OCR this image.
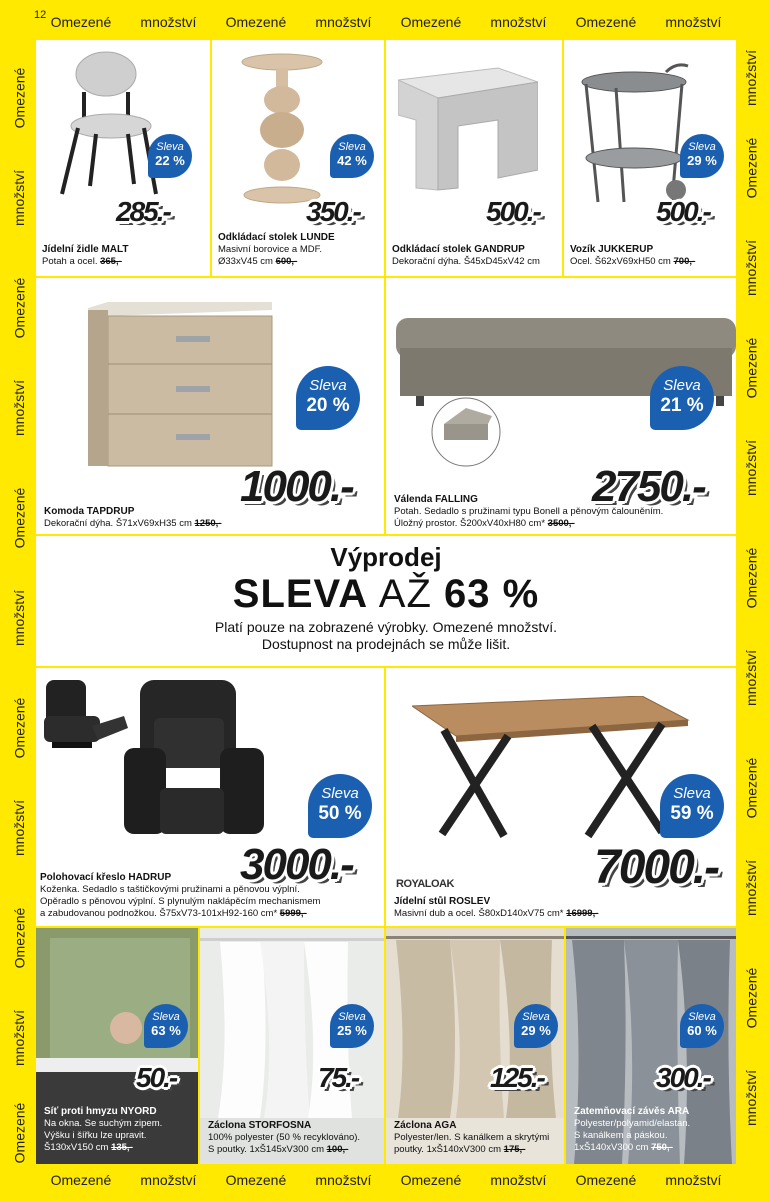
12 Omezené množství Omezené množství Omezené množství Omezené množství
Omezené množství Omezené množství Omezené množství Omezené množství
Omezené
množství
Omezené
množství
Omezené
množství
Omezené
množství
Omezené
množství
Omezené
množství
Omezené
množství
Omezené
množství
Omezené
množství
Omezené
množství
Omezené
množství
Sleva
22 %
285.-
Jídelní židle MALT
Potah a ocel. 365,-
Sleva
42 %
350.-
Odkládací stolek LUNDE
Masivní borovice a MDF.
Ø33xV45 cm 600,-
500.-
Odkládací stolek GANDRUP
Dekorační dýha. Š45xD45xV42 cm
Sleva
29 %
500.-
Vozík JUKKERUP
Ocel. Š62xV69xH50 cm 700,-
Sleva
20 %
1000.-
Komoda TAPDRUP
Dekorační dýha. Š71xV69xH35 cm 1250,-
Sleva
21 %
2750.-
Válenda FALLING
Potah. Sedadlo s pružinami typu Bonell a pěnovým čalouněním.
Úložný prostor. Š200xV40xH80 cm* 3500,-
Výprodej
SLEVA AŽ 63 %
Platí pouze na zobrazené výrobky. Omezené množství.
Dostupnost na prodejnách se může lišit.
Sleva
50 %
3000.-
Polohovací křeslo HADRUP
Koženka. Sedadlo s taštičkovými pružinami a pěnovou výplní.
Opěradlo s pěnovou výplní. S plynulým naklápěcím mechanismem
a zabudovanou podnožkou. Š75xV73-101xH92-160 cm* 5999,-
Sleva
59 %
7000.-
ROYALOAK
Jídelní stůl ROSLEV
Masivní dub a ocel. Š80xD140xV75 cm* 16999,-
Sleva
63 %
50.-
Síť proti hmyzu NYORD
Na okna. Se suchým zipem.
Výšku i šířku lze upravit.
Š130xV150 cm 135,-
Sleva
25 %
75.-
Záclona STORFOSNA
100% polyester (50 % recyklováno).
S poutky. 1xŠ145xV300 cm 100,-
Sleva
29 %
125.-
Záclona AGA
Polyester/len. S kanálkem a skrytými
poutky. 1xŠ140xV300 cm 175,-
Sleva
60 %
300.-
Zatemňovací závěs ARA
Polyester/polyamid/elastan.
S kanálkem a páskou.
1xŠ140xV300 cm 750,-
